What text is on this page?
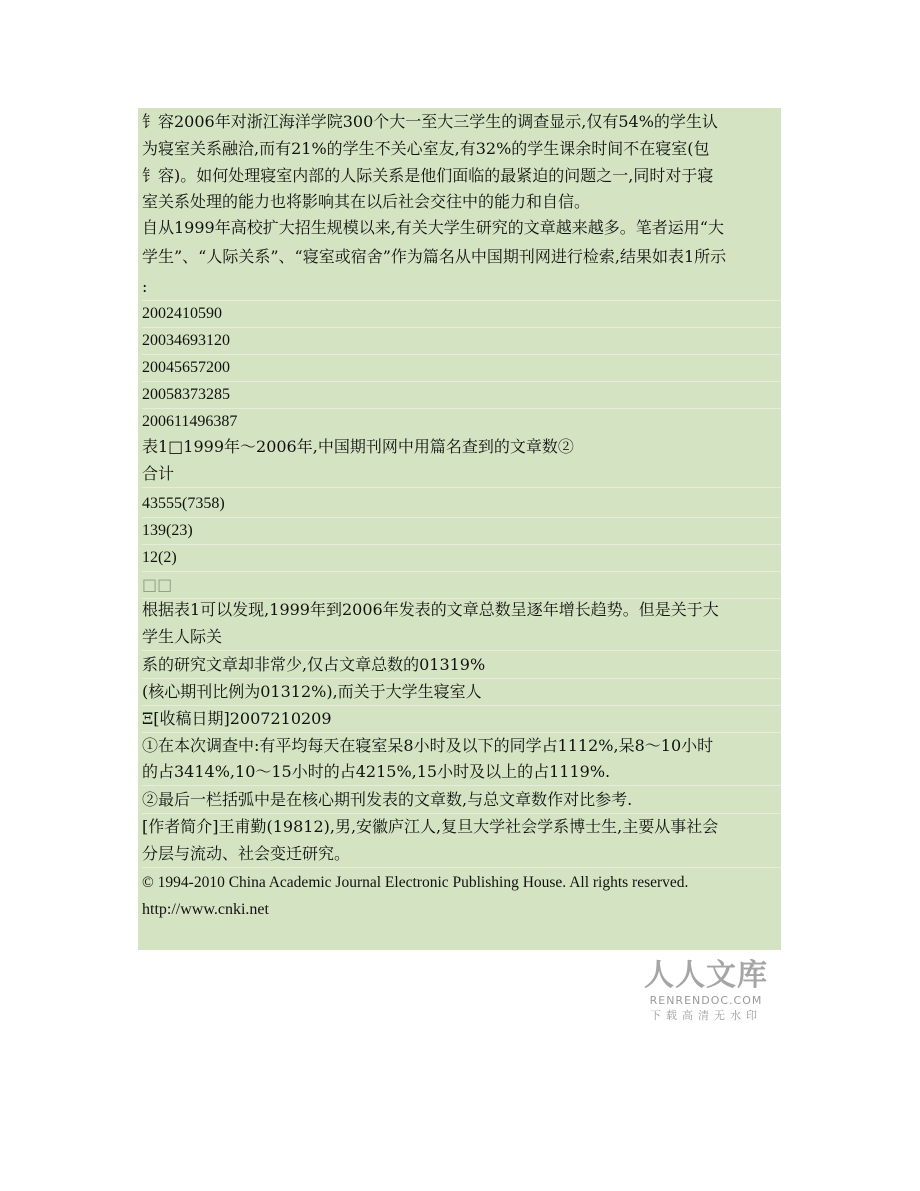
钅容2006年对浙江海洋学院300个大一至大三学生的调查显示,仅有54%的学生认
为寝室关系融洽,而有21%的学生不关心室友,有32%的学生课余时间不在寝室(包
钅容)。如何处理寝室内部的人际关系是他们面临的最紧迫的问题之一,同时对于寝
室关系处理的能力也将影响其在以后社会交往中的能力和自信。
自从1999年高校扩大招生规模以来,有关大学生研究的文章越来越多。笔者运用“大
学生”、“人际关系”、“寝室或宿舍”作为篇名从中国期刊网进行检索,结果如表1所示
:
2002410590
20034693120
20045657200
20058373285
200611496387
表1□1999年～2006年,中国期刊网中用篇名查到的文章数②
合计
43555(7358)
139(23)
12(2)
□□
根据表1可以发现,1999年到2006年发表的文章总数呈逐年增长趋势。但是关于大
学生人际关
系的研究文章却非常少,仅占文章总数的01319%
(核心期刊比例为01312%),而关于大学生寝室人
Ξ[收稿日期]2007210209
①在本次调查中:有平均每天在寝室呆8小时及以下的同学占1112%,呆8～10小时
的占3414%,10～15小时的占4215%,15小时及以上的占1119%.
②最后一栏括弧中是在核心期刊发表的文章数,与总文章数作对比参考.
[作者简介]王甫勤(19812),男,安徽庐江人,复旦大学社会学系博士生,主要从事社会
分层与流动、社会变迁研究。
© 1994-2010 China Academic Journal Electronic Publishing House. All rights reserved.
http://www.cnki.net
人人文库
RENRENDOC.COM
下载高清无水印
